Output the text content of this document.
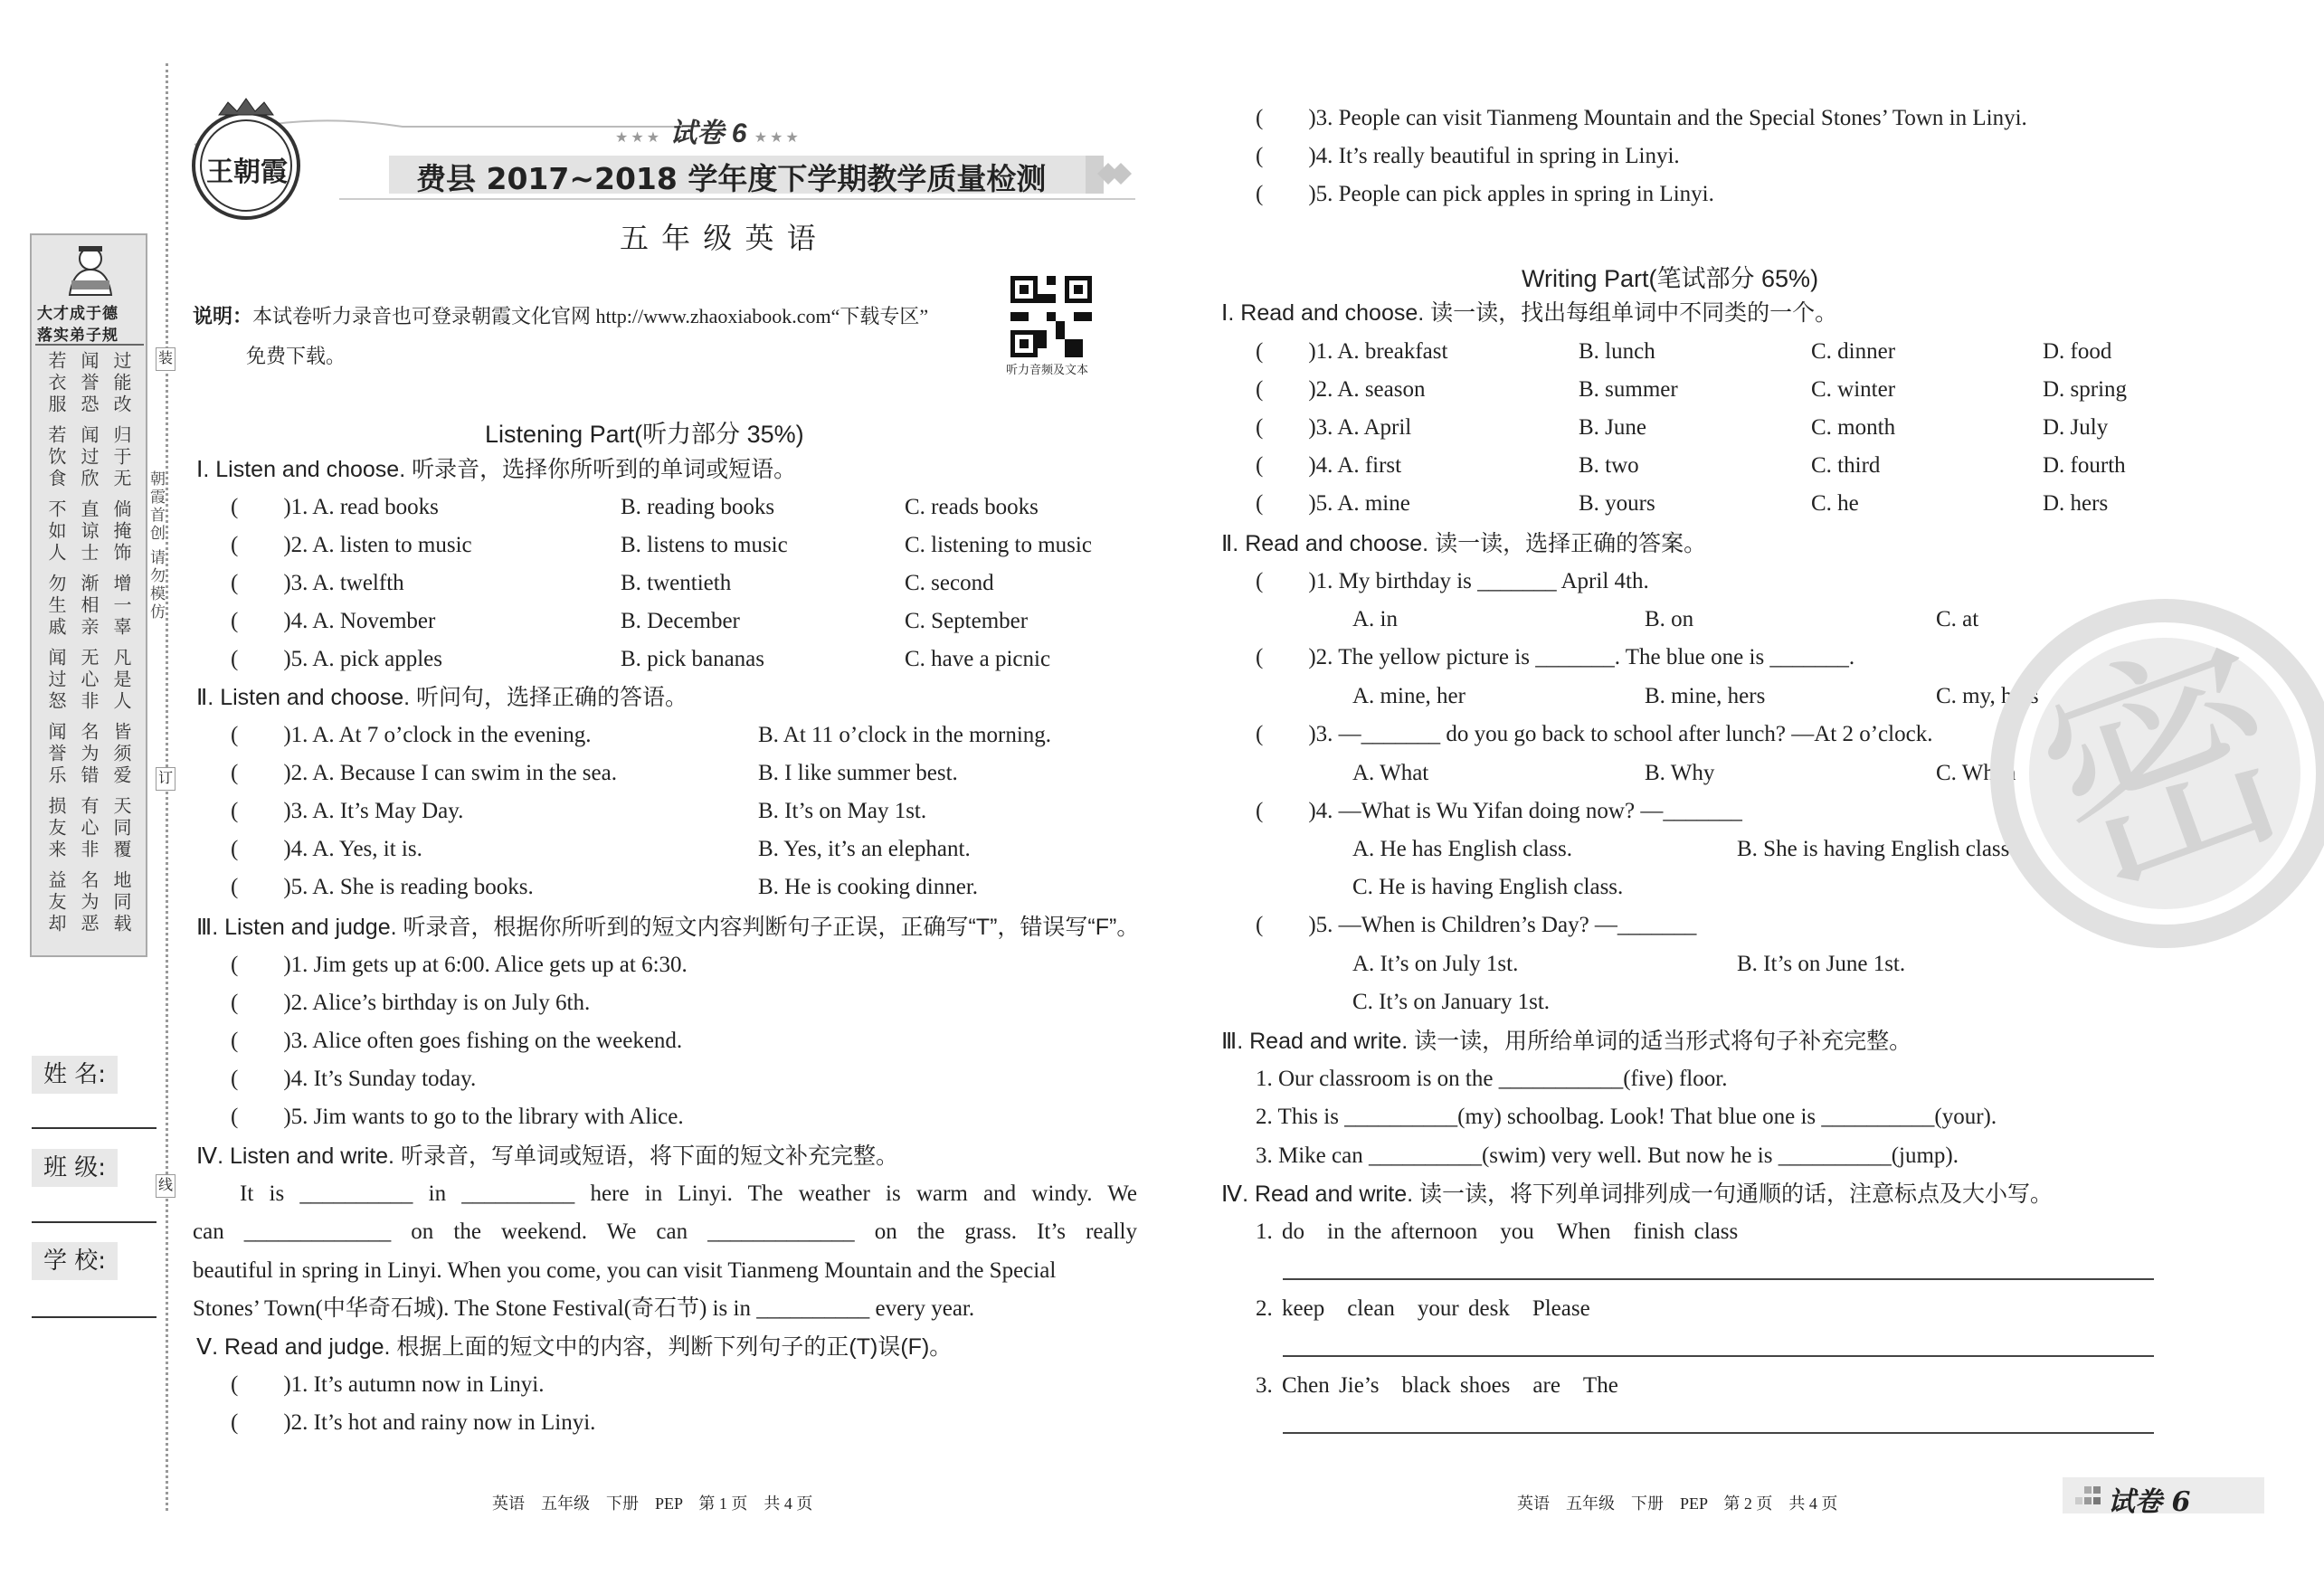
大才成于德
落实弟子规
过能改
闻誉恐
若衣服
归于无
闻过欣
若饮食
倘掩饰
直谅士
不如人
增一辜
渐相亲
勿生戚
凡是人
无心非
闻过怒
皆须爱
名为错
闻誉乐
天同覆
有心非
损友来
地同载
名为恶
益友却
姓 名:
班 级:
学 校:
装
订
线
朝霞首创 请勿模仿
王朝霞
★★★ 试卷 6 ★★★
费县 2017~2018 学年度下学期教学质量检测
五 年 级 英 语
说明：本试卷听力录音也可登录朝霞文化官网 http://www.zhaoxiabook.com“下载专区”
免费下载。
听力音频及文本
Listening Part(听力部分 35%)
Ⅰ. Listen and choose. 听录音，选择你所听到的单词或短语。
(　　)1. A. read books	B. reading books	C. reads books
(　　)2. A. listen to music	B. listens to music	C. listening to music
(　　)3. A. twelfth	B. twentieth	C. second
(　　)4. A. November	B. December	C. September
(　　)5. A. pick apples	B. pick bananas	C. have a picnic
Ⅱ. Listen and choose. 听问句，选择正确的答语。
(　　)1. A. At 7 o’clock in the evening.	B. At 11 o’clock in the morning.
(　　)2. A. Because I can swim in the sea.	B. I like summer best.
(　　)3. A. It’s May Day.	B. It’s on May 1st.
(　　)4. A. Yes, it is.	B. Yes, it’s an elephant.
(　　)5. A. She is reading books.	B. He is cooking dinner.
Ⅲ. Listen and judge. 听录音，根据你所听到的短文内容判断句子正误，正确写“T”，错误写“F”。
(　　)1. Jim gets up at 6:00. Alice gets up at 6:30.
(　　)2. Alice’s birthday is on July 6th.
(　　)3. Alice often goes fishing on the weekend.
(　　)4. It’s Sunday today.
(　　)5. Jim wants to go to the library with Alice.
Ⅳ. Listen and write. 听录音，写单词或短语，将下面的短文补充完整。
It is __________ in __________ here in Linyi. The weather is warm and windy. We
can _____________ on the weekend. We can _____________ on the grass. It’s really
beautiful in spring in Linyi. When you come, you can visit Tianmeng Mountain and the Special
Stones’ Town(中华奇石城). The Stone Festival(奇石节) is in __________ every year.
Ⅴ. Read and judge. 根据上面的短文中的内容，判断下列句子的正(T)误(F)。
(　　)1. It’s autumn now in Linyi.
(　　)2. It’s hot and rainy now in Linyi.
(　　)3. People can visit Tianmeng Mountain and the Special Stones’ Town in Linyi.
(　　)4. It’s really beautiful in spring in Linyi.
(　　)5. People can pick apples in spring in Linyi.
Writing Part(笔试部分 65%)
Ⅰ. Read and choose. 读一读，找出每组单词中不同类的一个。
(　　)1. A. breakfast	B. lunch	C. dinner	D. food
(　　)2. A. season	B. summer	C. winter	D. spring
(　　)3. A. April	B. June	C. month	D. July
(　　)4. A. first	B. two	C. third	D. fourth
(　　)5. A. mine	B. yours	C. he	D. hers
Ⅱ. Read and choose. 读一读，选择正确的答案。
(　　)1. My birthday is _______ April 4th.
A. in	B. on	C. at
(　　)2. The yellow picture is _______. The blue one is _______.
A. mine, her	B. mine, hers	C. my, hers
(　　)3. —_______ do you go back to school after lunch? —At 2 o’clock.
A. What	B. Why	C. When
(　　)4. —What is Wu Yifan doing now? —_______
A. He has English class.	B. She is having English class.
C. He is having English class.
(　　)5. —When is Children’s Day? —_______
A. It’s on July 1st.	B. It’s on June 1st.
C. It’s on January 1st.
Ⅲ. Read and write. 读一读，用所给单词的适当形式将句子补充完整。
1. Our classroom is on the ___________(five) floor.
2. This is __________(my) schoolbag. Look! That blue one is __________(your).
3. Mike can __________(swim) very well. But now he is __________(jump).
Ⅳ. Read and write. 读一读，将下列单词排列成一句通顺的话，注意标点及大小写。
1. do　in the afternoon　you　When　finish class
2. keep　clean　your desk　Please
3. Chen Jie’s　black shoes　are　The
密
英语　五年级　下册　PEP　第 1 页　共 4 页	英语　五年级　下册　PEP　第 2 页　共 4 页	试卷 6
